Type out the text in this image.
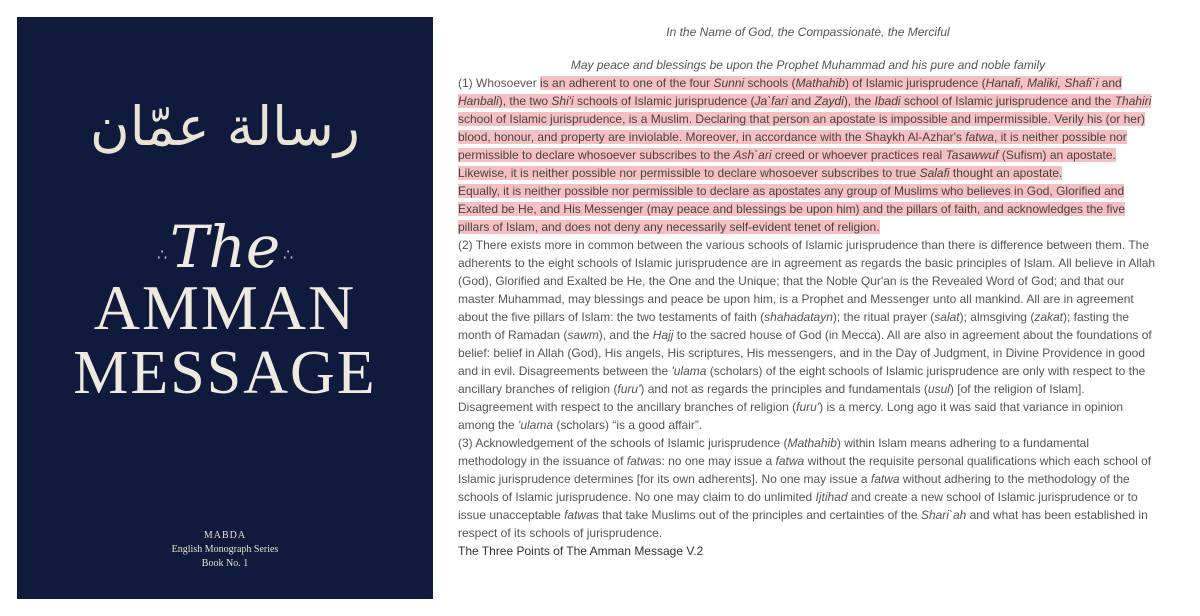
رسالة عمّان
∴	∴
The
AMMAN
MESSAGE
MABDA
English Monograph Series
Book No. 1

In the Name of God, the Compassionate, the Merciful

May peace and blessings be upon the Prophet Muhammad and his pure and noble family

(1) Whosoever is an adherent to one of the four Sunni schools (Mathahib) of Islamic jurisprudence (Hanafi, Maliki, Shafi`i and Hanbali), the two Shi'i schools of Islamic jurisprudence (Ja`fari and Zaydi), the Ibadi school of Islamic jurisprudence and the Thahiri school of Islamic jurisprudence, is a Muslim. Declaring that person an apostate is impossible and impermissible. Verily his (or her) blood, honour, and property are inviolable. Moreover, in accordance with the Shaykh Al-Azhar's fatwa, it is neither possible nor permissible to declare whosoever subscribes to the Ash`ari creed or whoever practices real Tasawwuf (Sufism) an apostate. Likewise, it is neither possible nor permissible to declare whosoever subscribes to true Salafi thought an apostate.
Equally, it is neither possible nor permissible to declare as apostates any group of Muslims who believes in God, Glorified and Exalted be He, and His Messenger (may peace and blessings be upon him) and the pillars of faith, and acknowledges the five pillars of Islam, and does not deny any necessarily self-evident tenet of religion.

(2) There exists more in common between the various schools of Islamic jurisprudence than there is difference between them. The adherents to the eight schools of Islamic jurisprudence are in agreement as regards the basic principles of Islam. All believe in Allah (God), Glorified and Exalted be He, the One and the Unique; that the Noble Qur'an is the Revealed Word of God; and that our master Muhammad, may blessings and peace be upon him, is a Prophet and Messenger unto all mankind. All are in agreement about the five pillars of Islam: the two testaments of faith (shahadatayn); the ritual prayer (salat); almsgiving (zakat); fasting the month of Ramadan (sawm), and the Hajj to the sacred house of God (in Mecca). All are also in agreement about the foundations of belief: belief in Allah (God), His angels, His scriptures, His messengers, and in the Day of Judgment, in Divine Providence in good and in evil. Disagreements between the 'ulama (scholars) of the eight schools of Islamic jurisprudence are only with respect to the ancillary branches of religion (furu') and not as regards the principles and fundamentals (usul) [of the religion of Islam]. Disagreement with respect to the ancillary branches of religion (furu') is a mercy. Long ago it was said that variance in opinion among the 'ulama (scholars) “is a good affair”.

(3) Acknowledgement of the schools of Islamic jurisprudence (Mathahib) within Islam means adhering to a fundamental methodology in the issuance of fatwas: no one may issue a fatwa without the requisite personal qualifications which each school of Islamic jurisprudence determines [for its own adherents]. No one may issue a fatwa without adhering to the methodology of the schools of Islamic jurisprudence. No one may claim to do unlimited Ijtihad and create a new school of Islamic jurisprudence or to issue unacceptable fatwas that take Muslims out of the principles and certainties of the Shari`ah and what has been established in respect of its schools of jurisprudence.

The Three Points of The Amman Message V.2
